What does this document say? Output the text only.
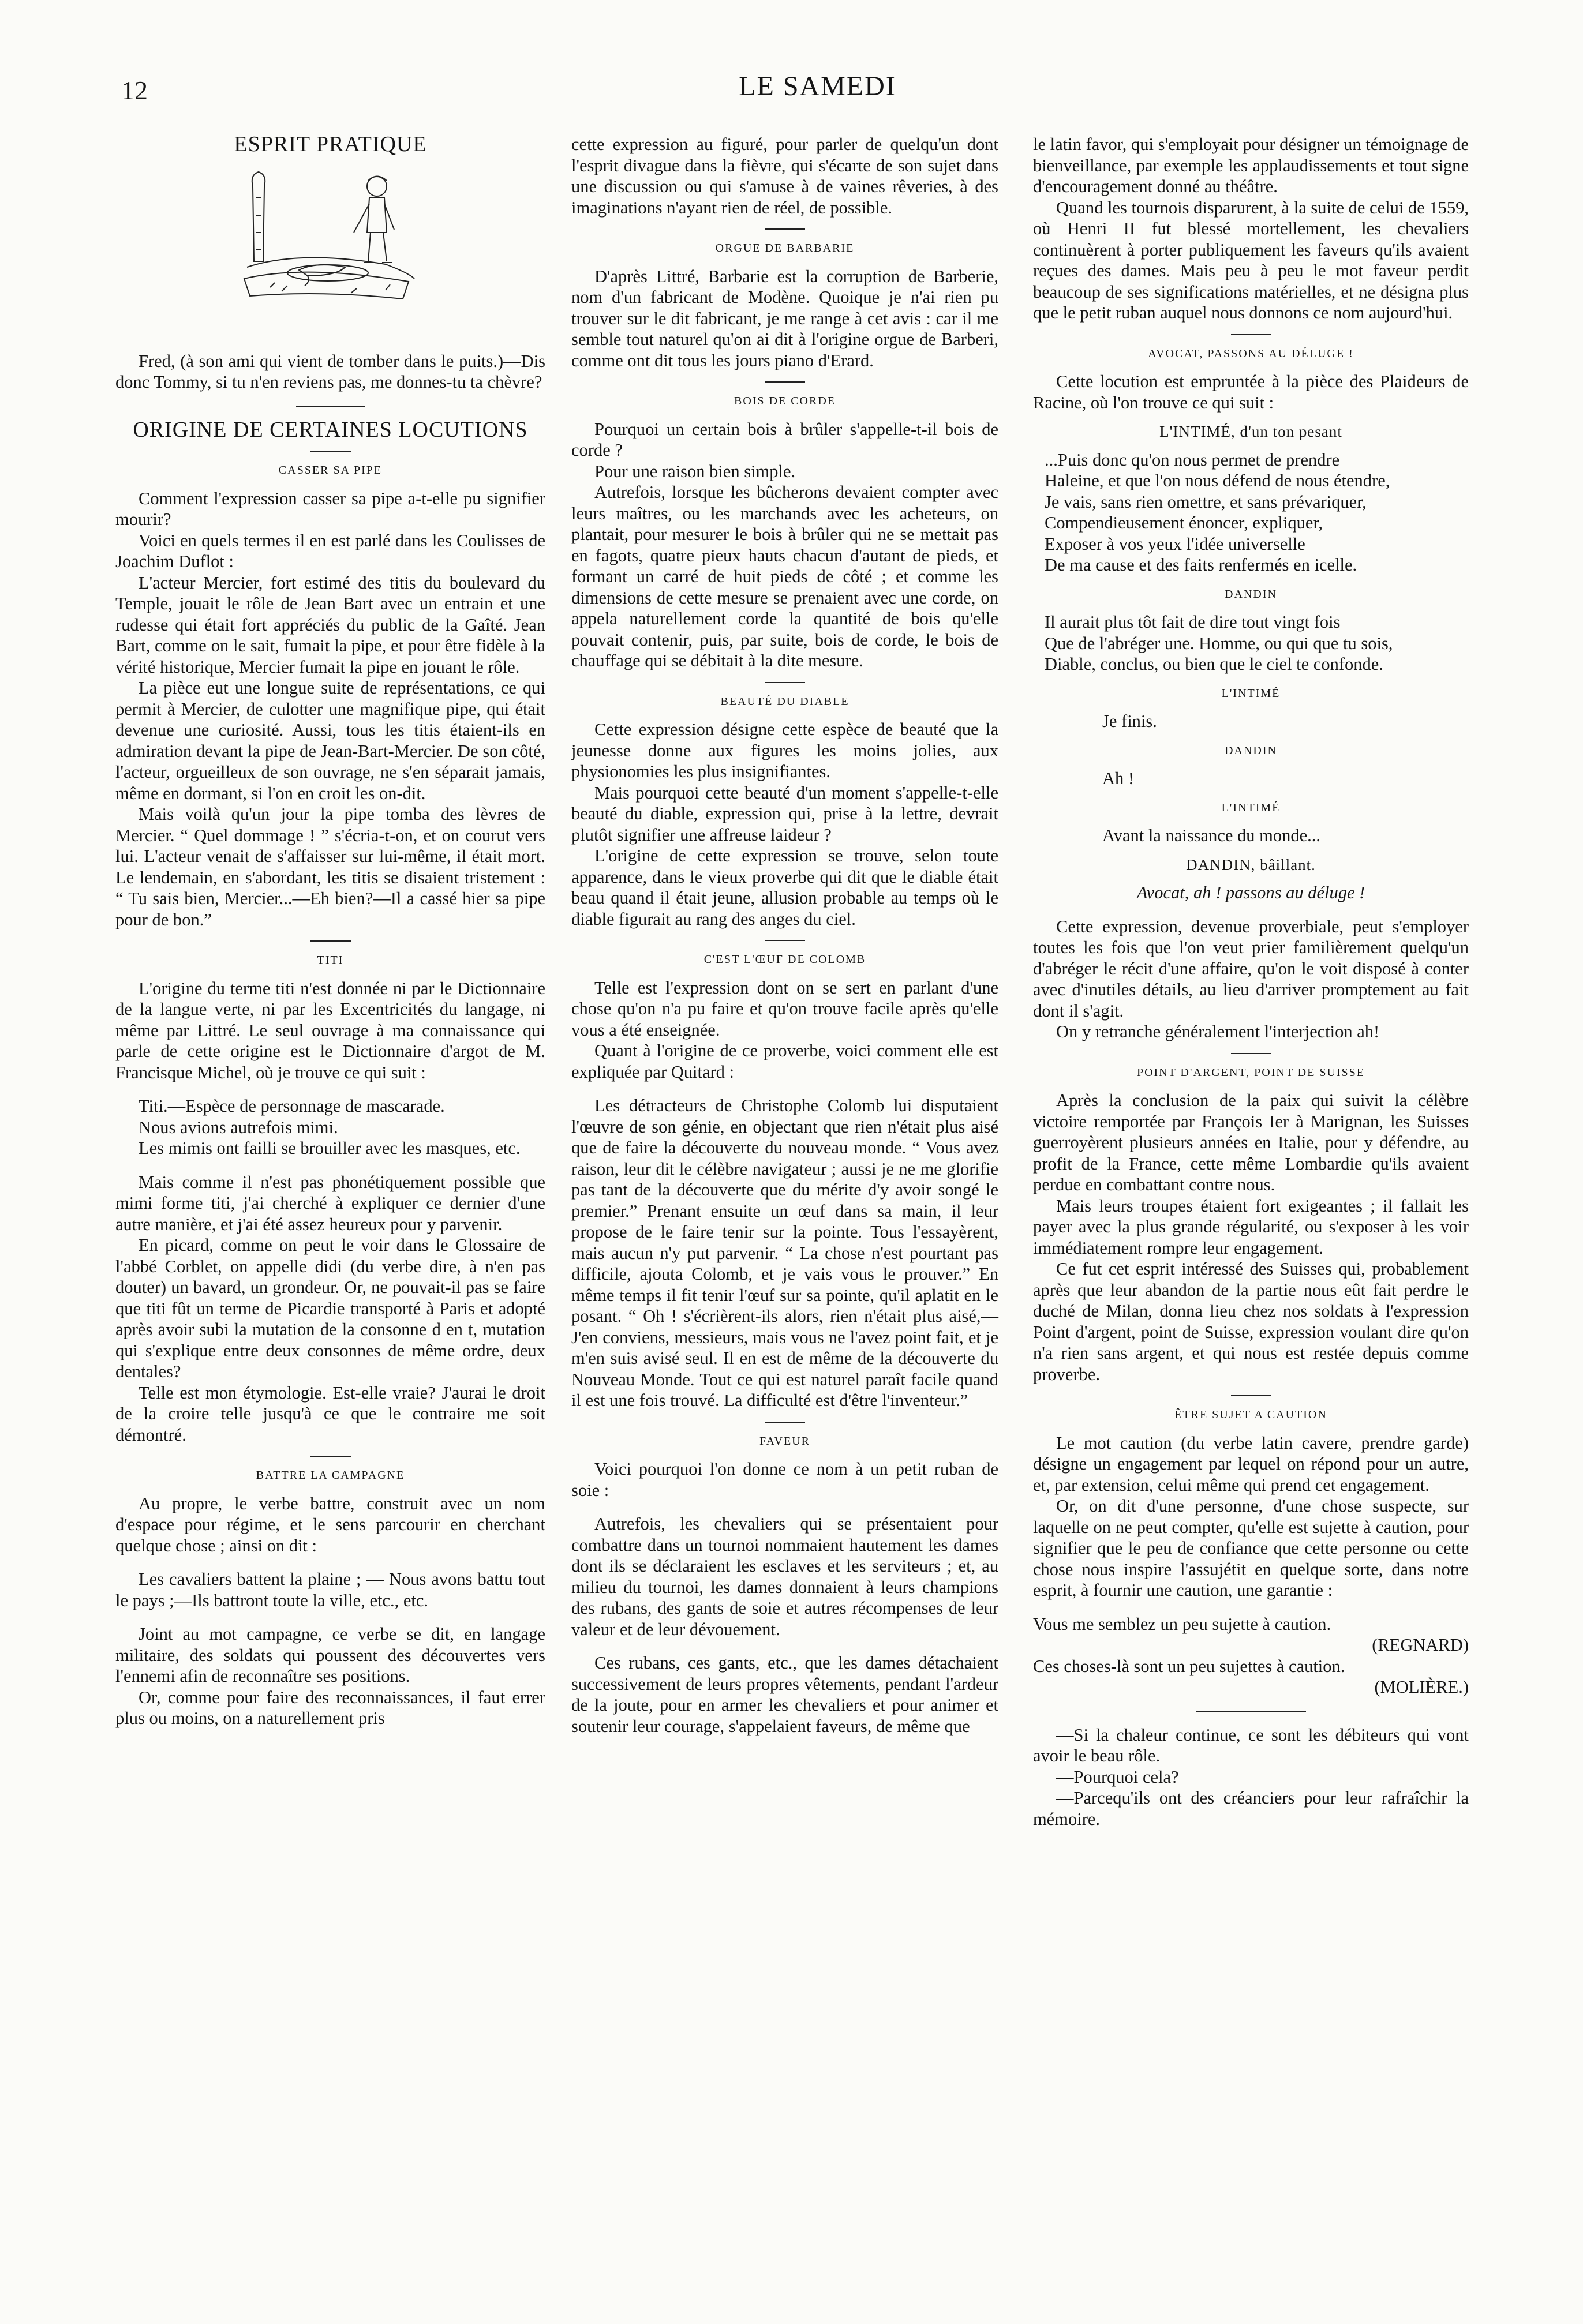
12	LE SAMEDI
ESPRIT PRATIQUE

Fred, (à son ami qui vient de tomber dans le puits.)—Dis donc Tommy, si tu n'en reviens pas, me donnes-tu ta chèvre?

ORIGINE DE CERTAINES LOCUTIONS
CASSER SA PIPE

Comment l'expression casser sa pipe a-t-elle pu signifier mourir?

Voici en quels termes il en est parlé dans les Coulisses de Joachim Duflot :

L'acteur Mercier, fort estimé des titis du boulevard du Temple, jouait le rôle de Jean Bart avec un entrain et une rudesse qui était fort appréciés du public de la Gaîté. Jean Bart, comme on le sait, fumait la pipe, et pour être fidèle à la vérité historique, Mercier fumait la pipe en jouant le rôle.

La pièce eut une longue suite de représentations, ce qui permit à Mercier, de culotter une magnifique pipe, qui était devenue une curiosité. Aussi, tous les titis étaient-ils en admiration devant la pipe de Jean-Bart-Mercier. De son côté, l'acteur, orgueilleux de son ouvrage, ne s'en séparait jamais, même en dormant, si l'on en croit les on-dit.

Mais voilà qu'un jour la pipe tomba des lèvres de Mercier. “ Quel dommage ! ” s'écria-t-on, et on courut vers lui. L'acteur venait de s'affaisser sur lui-même, il était mort. Le lendemain, en s'abordant, les titis se disaient tristement : “ Tu sais bien, Mercier...—Eh bien?—Il a cassé hier sa pipe pour de bon.”

TITI

L'origine du terme titi n'est donnée ni par le Dictionnaire de la langue verte, ni par les Excentricités du langage, ni même par Littré. Le seul ouvrage à ma connaissance qui parle de cette origine est le Dictionnaire d'argot de M. Francisque Michel, où je trouve ce qui suit :

Titi.—Espèce de personnage de mascarade.

Nous avions autrefois mimi.

Les mimis ont failli se brouiller avec les masques, etc.

Mais comme il n'est pas phonétiquement possible que mimi forme titi, j'ai cherché à expliquer ce dernier d'une autre manière, et j'ai été assez heureux pour y parvenir.

En picard, comme on peut le voir dans le Glossaire de l'abbé Corblet, on appelle didi (du verbe dire, à n'en pas douter) un bavard, un grondeur. Or, ne pouvait-il pas se faire que titi fût un terme de Picardie transporté à Paris et adopté après avoir subi la mutation de la consonne d en t, mutation qui s'explique entre deux consonnes de même ordre, deux dentales?

Telle est mon étymologie. Est-elle vraie? J'aurai le droit de la croire telle jusqu'à ce que le contraire me soit démontré.

BATTRE LA CAMPAGNE

Au propre, le verbe battre, construit avec un nom d'espace pour régime, et le sens parcourir en cherchant quelque chose ; ainsi on dit :

Les cavaliers battent la plaine ; — Nous avons battu tout le pays ;—Ils battront toute la ville, etc., etc.

Joint au mot campagne, ce verbe se dit, en langage militaire, des soldats qui poussent des découvertes vers l'ennemi afin de reconnaître ses positions.

Or, comme pour faire des reconnaissances, il faut errer plus ou moins, on a naturellement pris

cette expression au figuré, pour parler de quelqu'un dont l'esprit divague dans la fièvre, qui s'écarte de son sujet dans une discussion ou qui s'amuse à de vaines rêveries, à des imaginations n'ayant rien de réel, de possible.

ORGUE DE BARBARIE

D'après Littré, Barbarie est la corruption de Barberie, nom d'un fabricant de Modène. Quoique je n'ai rien pu trouver sur le dit fabricant, je me range à cet avis : car il me semble tout naturel qu'on ai dit à l'origine orgue de Barberi, comme ont dit tous les jours piano d'Erard.

BOIS DE CORDE

Pourquoi un certain bois à brûler s'appelle-t-il bois de corde ?

Pour une raison bien simple.

Autrefois, lorsque les bûcherons devaient compter avec leurs maîtres, ou les marchands avec les acheteurs, on plantait, pour mesurer le bois à brûler qui ne se mettait pas en fagots, quatre pieux hauts chacun d'autant de pieds, et formant un carré de huit pieds de côté ; et comme les dimensions de cette mesure se prenaient avec une corde, on appela naturellement corde la quantité de bois qu'elle pouvait contenir, puis, par suite, bois de corde, le bois de chauffage qui se débitait à la dite mesure.

BEAUTÉ DU DIABLE

Cette expression désigne cette espèce de beauté que la jeunesse donne aux figures les moins jolies, aux physionomies les plus insignifiantes.

Mais pourquoi cette beauté d'un moment s'appelle-t-elle beauté du diable, expression qui, prise à la lettre, devrait plutôt signifier une affreuse laideur ?

L'origine de cette expression se trouve, selon toute apparence, dans le vieux proverbe qui dit que le diable était beau quand il était jeune, allusion probable au temps où le diable figurait au rang des anges du ciel.

C'EST L'ŒUF DE COLOMB

Telle est l'expression dont on se sert en parlant d'une chose qu'on n'a pu faire et qu'on trouve facile après qu'elle vous a été enseignée.

Quant à l'origine de ce proverbe, voici comment elle est expliquée par Quitard :

Les détracteurs de Christophe Colomb lui disputaient l'œuvre de son génie, en objectant que rien n'était plus aisé que de faire la découverte du nouveau monde. “ Vous avez raison, leur dit le célèbre navigateur ; aussi je ne me glorifie pas tant de la découverte que du mérite d'y avoir songé le premier.” Prenant ensuite un œuf dans sa main, il leur propose de le faire tenir sur la pointe. Tous l'essayèrent, mais aucun n'y put parvenir. “ La chose n'est pourtant pas difficile, ajouta Colomb, et je vais vous le prouver.” En même temps il fit tenir l'œuf sur sa pointe, qu'il aplatit en le posant. “ Oh ! s'écrièrent-ils alors, rien n'était plus aisé,—J'en conviens, messieurs, mais vous ne l'avez point fait, et je m'en suis avisé seul. Il en est de même de la découverte du Nouveau Monde. Tout ce qui est naturel paraît facile quand il est une fois trouvé. La difficulté est d'être l'inventeur.”

FAVEUR

Voici pourquoi l'on donne ce nom à un petit ruban de soie :

Autrefois, les chevaliers qui se présentaient pour combattre dans un tournoi nommaient hautement les dames dont ils se déclaraient les esclaves et les serviteurs ; et, au milieu du tournoi, les dames donnaient à leurs champions des rubans, des gants de soie et autres récompenses de leur valeur et de leur dévouement.

Ces rubans, ces gants, etc., que les dames détachaient successivement de leurs propres vêtements, pendant l'ardeur de la joute, pour en armer les chevaliers et pour animer et soutenir leur courage, s'appelaient faveurs, de même que

le latin favor, qui s'employait pour désigner un témoignage de bienveillance, par exemple les applaudissements et tout signe d'encouragement donné au théâtre.

Quand les tournois disparurent, à la suite de celui de 1559, où Henri II fut blessé mortellement, les chevaliers continuèrent à porter publiquement les faveurs qu'ils avaient reçues des dames. Mais peu à peu le mot faveur perdit beaucoup de ses significations matérielles, et ne désigna plus que le petit ruban auquel nous donnons ce nom aujourd'hui.

AVOCAT, PASSONS AU DÉLUGE !

Cette locution est empruntée à la pièce des Plaideurs de Racine, où l'on trouve ce qui suit :

L'INTIMÉ, d'un ton pesant

...Puis donc qu'on nous permet de prendre

Haleine, et que l'on nous défend de nous étendre,

Je vais, sans rien omettre, et sans prévariquer,

Compendieusement énoncer, expliquer,

Exposer à vos yeux l'idée universelle

De ma cause et des faits renfermés en icelle.

DANDIN

Il aurait plus tôt fait de dire tout vingt fois

Que de l'abréger une. Homme, ou qui que tu sois,

Diable, conclus, ou bien que le ciel te confonde.

L'INTIMÉ

Je finis.

DANDIN

Ah !

L'INTIMÉ

Avant la naissance du monde...

DANDIN, bâillant.

Avocat, ah ! passons au déluge !

Cette expression, devenue proverbiale, peut s'employer toutes les fois que l'on veut prier familièrement quelqu'un d'abréger le récit d'une affaire, qu'on le voit disposé à conter avec d'inutiles détails, au lieu d'arriver promptement au fait dont il s'agit.

On y retranche généralement l'interjection ah!

POINT D'ARGENT, POINT DE SUISSE

Après la conclusion de la paix qui suivit la célèbre victoire remportée par François Ier à Marignan, les Suisses guerroyèrent plusieurs années en Italie, pour y défendre, au profit de la France, cette même Lombardie qu'ils avaient perdue en combattant contre nous.

Mais leurs troupes étaient fort exigeantes ; il fallait les payer avec la plus grande régularité, ou s'exposer à les voir immédiatement rompre leur engagement.

Ce fut cet esprit intéressé des Suisses qui, probablement après que leur abandon de la partie nous eût fait perdre le duché de Milan, donna lieu chez nos soldats à l'expression Point d'argent, point de Suisse, expression voulant dire qu'on n'a rien sans argent, et qui nous est restée depuis comme proverbe.

ÊTRE SUJET A CAUTION

Le mot caution (du verbe latin cavere, prendre garde) désigne un engagement par lequel on répond pour un autre, et, par extension, celui même qui prend cet engagement.

Or, on dit d'une personne, d'une chose suspecte, sur laquelle on ne peut compter, qu'elle est sujette à caution, pour signifier que le peu de confiance que cette personne ou cette chose nous inspire l'assujétit en quelque sorte, dans notre esprit, à fournir une caution, une garantie :

Vous me semblez un peu sujette à caution.

(REGNARD)

Ces choses-là sont un peu sujettes à caution.

(MOLIÈRE.)

—Si la chaleur continue, ce sont les débiteurs qui vont avoir le beau rôle.

—Pourquoi cela?

—Parcequ'ils ont des créanciers pour leur rafraîchir la mémoire.
